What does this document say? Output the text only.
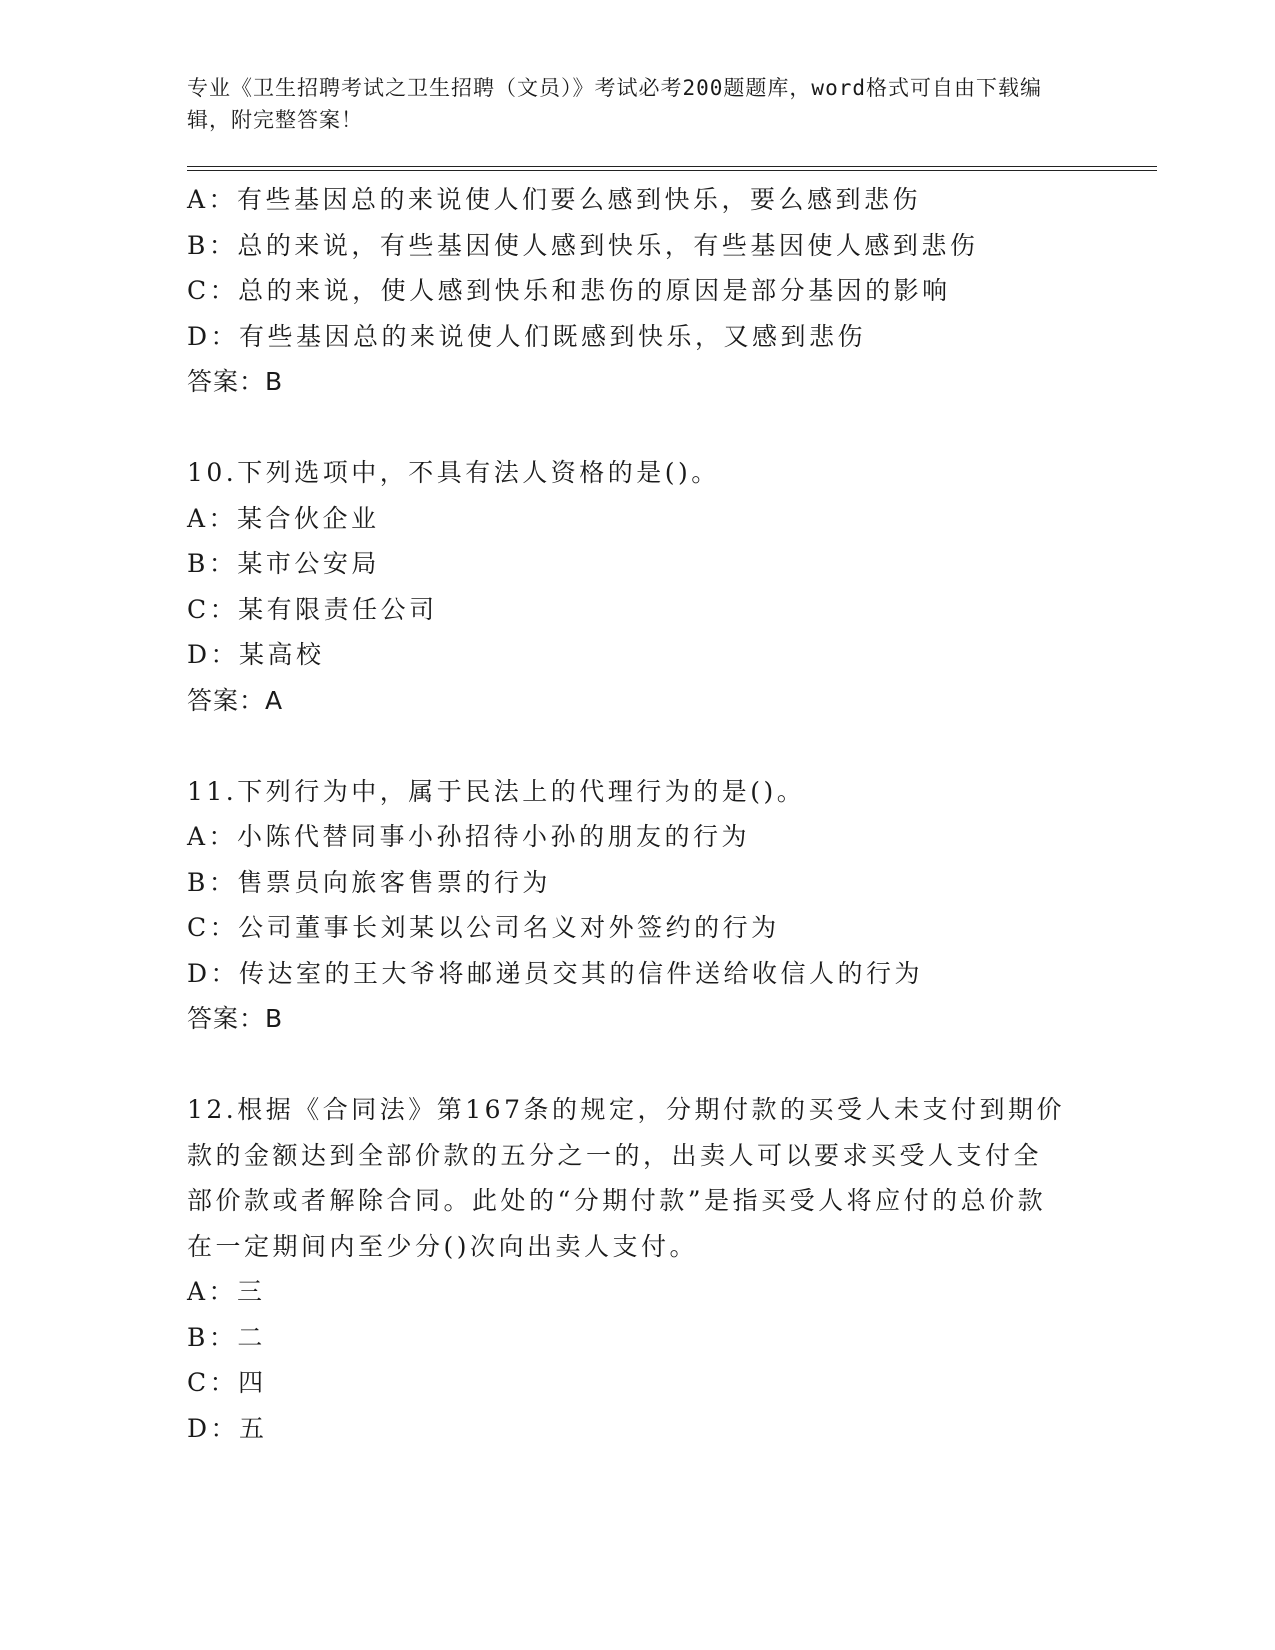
专业《卫生招聘考试之卫生招聘（文员）》考试必考200题题库，word格式可自由下载编辑，附完整答案！

A：有些基因总的来说使人们要么感到快乐，要么感到悲伤
B：总的来说，有些基因使人感到快乐，有些基因使人感到悲伤
C：总的来说，使人感到快乐和悲伤的原因是部分基因的影响
D：有些基因总的来说使人们既感到快乐，又感到悲伤
答案：B
10.下列选项中，不具有法人资格的是()。
A：某合伙企业
B：某市公安局
C：某有限责任公司
D：某高校
答案：A
11.下列行为中，属于民法上的代理行为的是()。
A：小陈代替同事小孙招待小孙的朋友的行为
B：售票员向旅客售票的行为
C：公司董事长刘某以公司名义对外签约的行为
D：传达室的王大爷将邮递员交其的信件送给收信人的行为
答案：B
12.根据《合同法》第167条的规定，分期付款的买受人未支付到期价款的金额达到全部价款的五分之一的，出卖人可以要求买受人支付全部价款或者解除合同。此处的“分期付款”是指买受人将应付的总价款在一定期间内至少分()次向出卖人支付。
A：三
B：二
C：四
D：五
